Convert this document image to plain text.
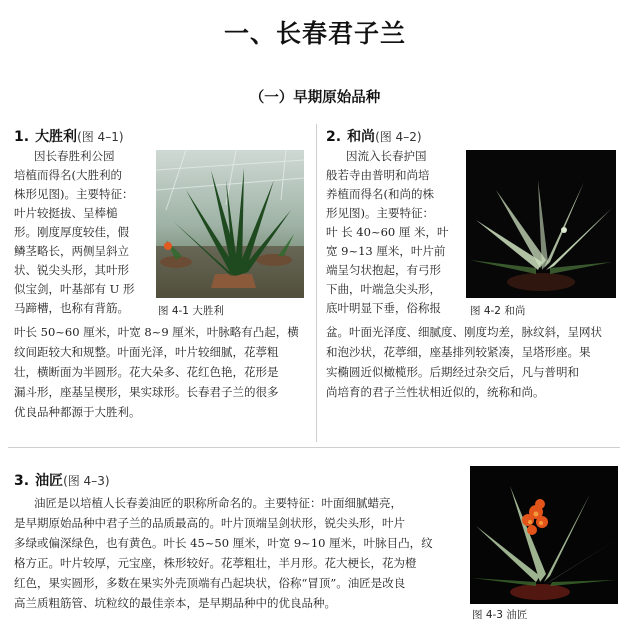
一、长春君子兰
（一）早期原始品种
1. 大胜利(图 4–1)
因长春胜利公园
培植而得名(大胜利的
株形见图)。主要特征：
叶片较挺拔、呈棒槌
形。刚度厚度较佳，假
鳞茎略长，两侧呈斜立
状、锐尖头形，其叶形
似宝剑，叶基部有 U 形
马蹄槽，也称有背筋。
叶长 50~60 厘米，叶宽 8~9 厘米，叶脉略有凸起，横
纹间距较大和规整。叶面光泽，叶片较细腻，花葶粗
壮，横断面为半圆形。花大朵多、花红色艳，花形是
漏斗形，座基呈楔形，果实球形。长春君子兰的很多
优良品种都源于大胜利。
图 4-1 大胜利
2. 和尚(图 4–2)
因流入长春护国
般若寺由普明和尚培
养植而得名(和尚的株
形见图)。主要特征：
叶 长 40~60 厘 米，叶
宽 9~13 厘米，叶片前
端呈匀状抱起，有弓形
下曲，叶端急尖头形，
底叶明显下垂，俗称报
盆。叶面光泽度、细腻度、刚度均差，脉纹斜，呈网状
和泡沙状，花葶细，座基排列较紧凑，呈塔形座。果
实椭圆近似橄榄形。后期经过杂交后，凡与普明和
尚培育的君子兰性状相近似的，统称和尚。
图 4-2 和尚
3. 油匠(图 4–3)
油匠是以培植人长春姜油匠的职称所命名的。主要特征：叶面细腻蜡亮，
是早期原始品种中君子兰的品质最高的。叶片顶端呈剑状形，锐尖头形，叶片
多绿或偏深绿色，也有黄色。叶长 45~50 厘米，叶宽 9~10 厘米，叶脉目凸，纹
格方正。叶片较厚，元宝座，株形较好。花葶粗壮，半月形。花大梗长，花为橙
红色，果实圆形，多数在果实外壳顶端有凸起块状，俗称“冒顶”。油匠是改良
高兰质粗筋管、坑粒纹的最佳亲本，是早期品种中的优良品种。
图 4-3 油匠
